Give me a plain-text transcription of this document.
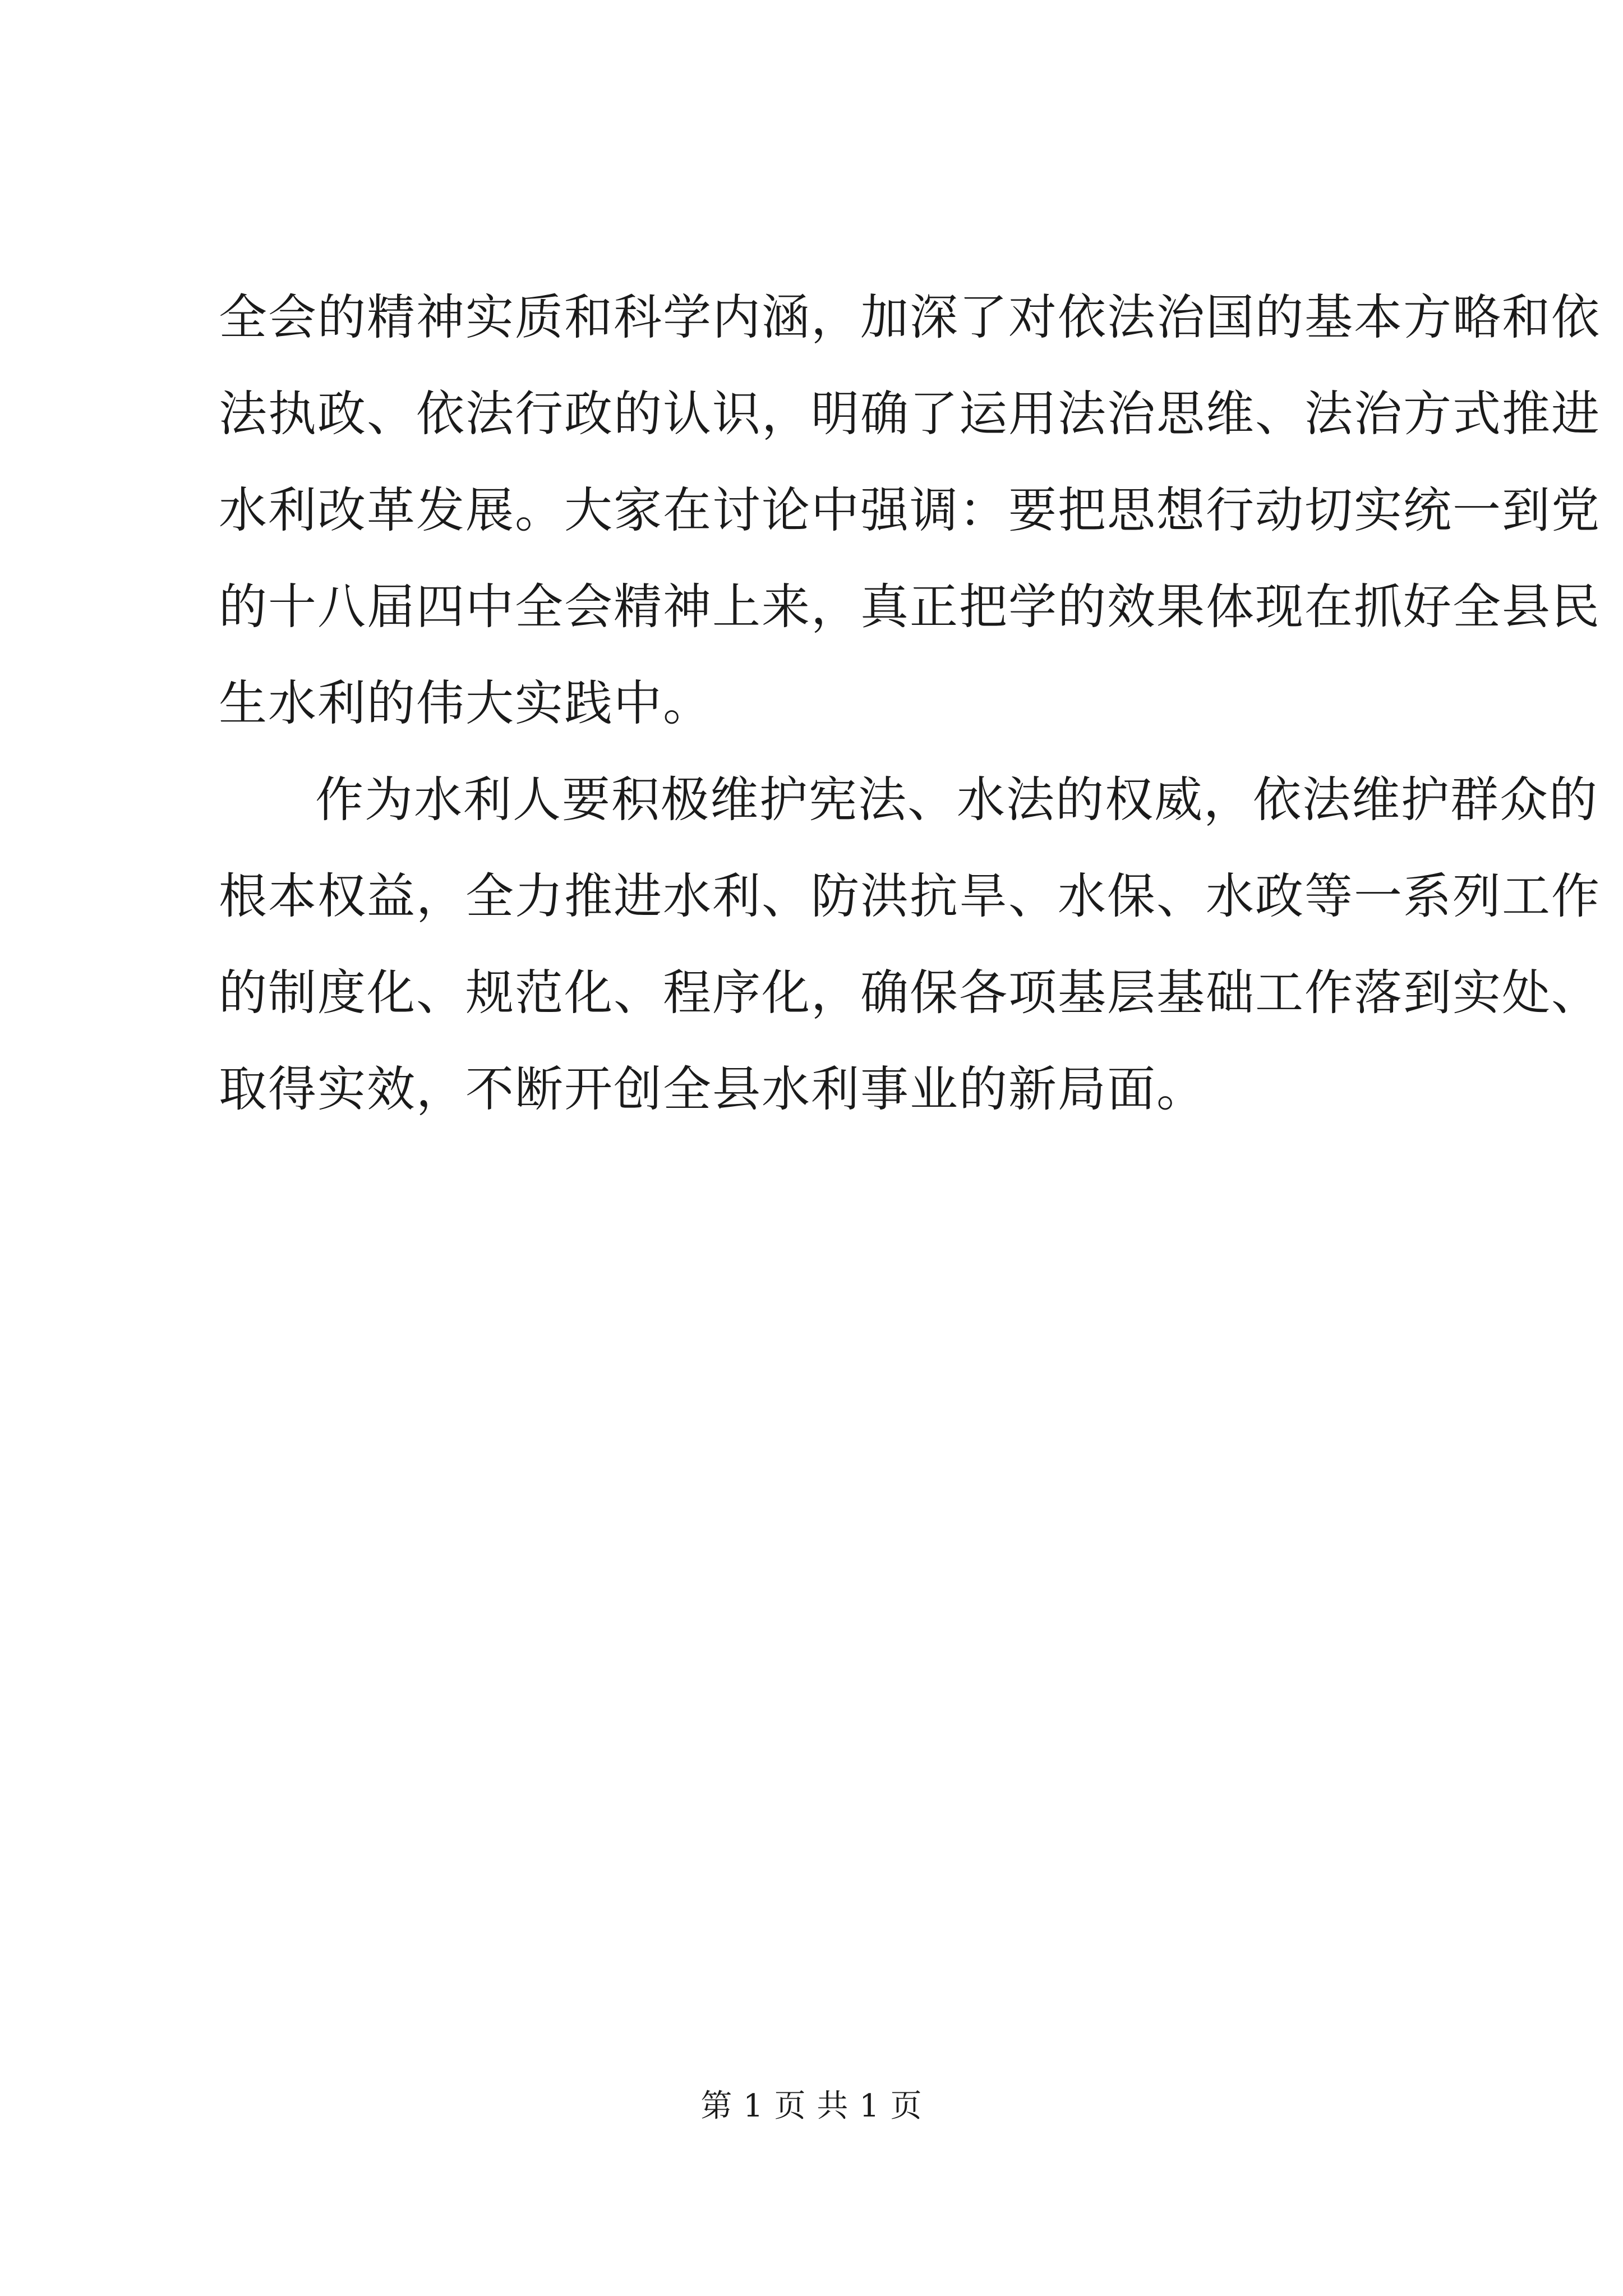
全会的精神实质和科学内涵，加深了对依法治国的基本方略和依
法执政、依法行政的认识，明确了运用法治思维、法治方式推进
水利改革发展。大家在讨论中强调：要把思想行动切实统一到党
的十八届四中全会精神上来，真正把学的效果体现在抓好全县民
生水利的伟大实践中。
作为水利人要积极维护宪法、水法的权威，依法维护群众的
根本权益，全力推进水利、防洪抗旱、水保、水政等一系列工作
的制度化、规范化、程序化，确保各项基层基础工作落到实处、
取得实效，不断开创全县水利事业的新局面。
第 1 页 共 1 页
